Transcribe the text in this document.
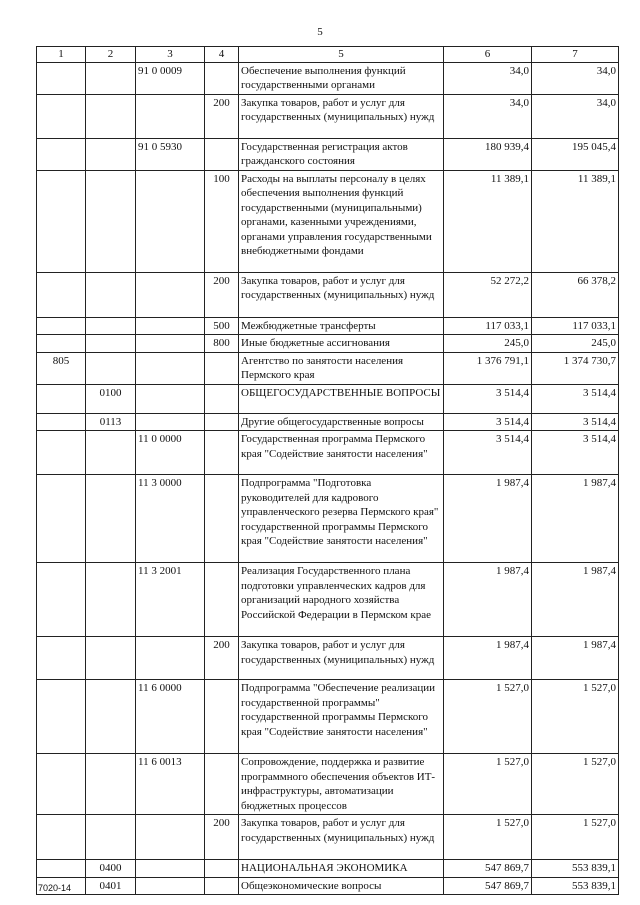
5
1	2	3	4	5	6	7
		91 0 0009		Обеспечение выполнения функций государственными органами	34,0	34,0
			200	Закупка товаров, работ и услуг для государственных (муниципальных) нужд	34,0	34,0
		91 0 5930		Государственная регистрация актов гражданского состояния	180 939,4	195 045,4
			100	Расходы на выплаты персоналу в целях обеспечения выполнения функций государственными (муниципальными) органами, казенными учреждениями, органами управления государственными внебюджетными фондами	11 389,1	11 389,1
			200	Закупка товаров, работ и услуг для государственных (муниципальных) нужд	52 272,2	66 378,2
			500	Межбюджетные трансферты	117 033,1	117 033,1
			800	Иные бюджетные ассигнования	245,0	245,0
805				Агентство по занятости населения Пермского края	1 376 791,1	1 374 730,7
	0100			ОБЩЕГОСУДАРСТВЕННЫЕ ВОПРОСЫ	3 514,4	3 514,4
	0113			Другие общегосударственные вопросы	3 514,4	3 514,4
		11 0 0000		Государственная программа Пермского края "Содействие занятости населения"	3 514,4	3 514,4
		11 3 0000		Подпрограмма "Подготовка руководителей для кадрового управленческого резерва Пермского края" государственной программы Пермского края "Содействие занятости населения"	1 987,4	1 987,4
		11 3 2001		Реализация Государственного плана подготовки управленческих кадров для организаций народного хозяйства Российской Федерации в Пермском крае	1 987,4	1 987,4
			200	Закупка товаров, работ и услуг для государственных (муниципальных) нужд	1 987,4	1 987,4
		11 6 0000		Подпрограмма "Обеспечение реализации государственной программы" государственной программы Пермского края "Содействие занятости населения"	1 527,0	1 527,0
		11 6 0013		Сопровождение, поддержка и развитие программного обеспечения объектов ИТ-инфраструктуры, автоматизации бюджетных процессов	1 527,0	1 527,0
			200	Закупка товаров, работ и услуг для государственных (муниципальных) нужд	1 527,0	1 527,0
	0400			НАЦИОНАЛЬНАЯ ЭКОНОМИКА	547 869,7	553 839,1
	0401			Общеэкономические вопросы	547 869,7	553 839,1
7020-14
